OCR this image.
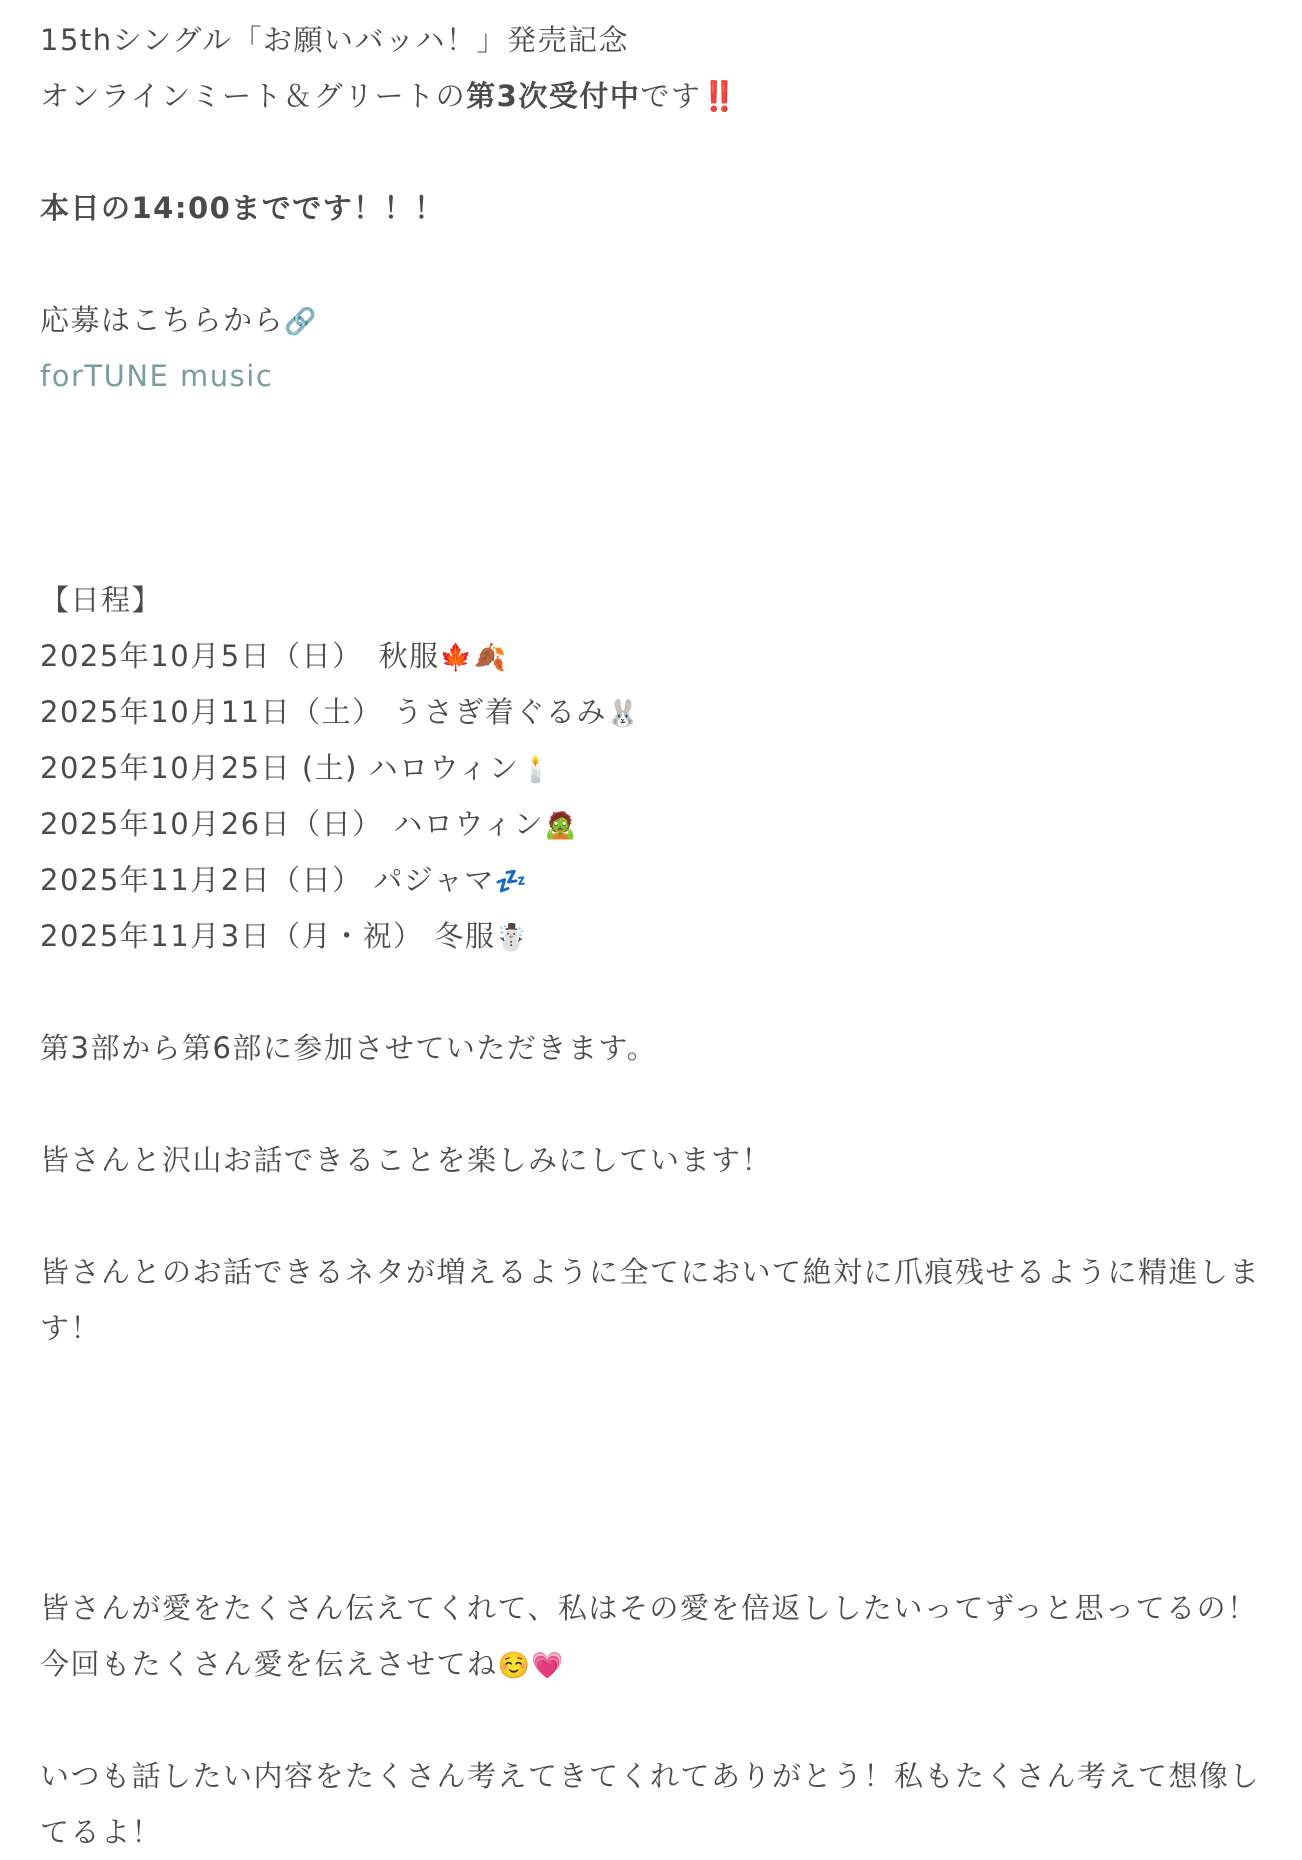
15thシングル「お願いバッハ！」発売記念
オンラインミート＆グリートの第3次受付中です‼️
本日の14:00までです！！！
応募はこちらから🔗
forTUNE music
【日程】
2025年10月5日（日）　秋服🍁🍂
2025年10月11日（土） うさぎ着ぐるみ🐰
2025年10月25日 (土) ハロウィン🕯️
2025年10月26日（日） ハロウィン🧟
2025年11月2日（日） パジャマ💤
2025年11月3日（月・祝） 冬服☃️
第3部から第6部に参加させていただきます。
皆さんと沢山お話できることを楽しみにしています！
皆さんとのお話できるネタが増えるように全てにおいて絶対に爪痕残せるように精進します！
皆さんが愛をたくさん伝えてくれて、私はその愛を倍返ししたいってずっと思ってるの！今回もたくさん愛を伝えさせてね☺️💗
いつも話したい内容をたくさん考えてきてくれてありがとう！私もたくさん考えて想像してるよ！
